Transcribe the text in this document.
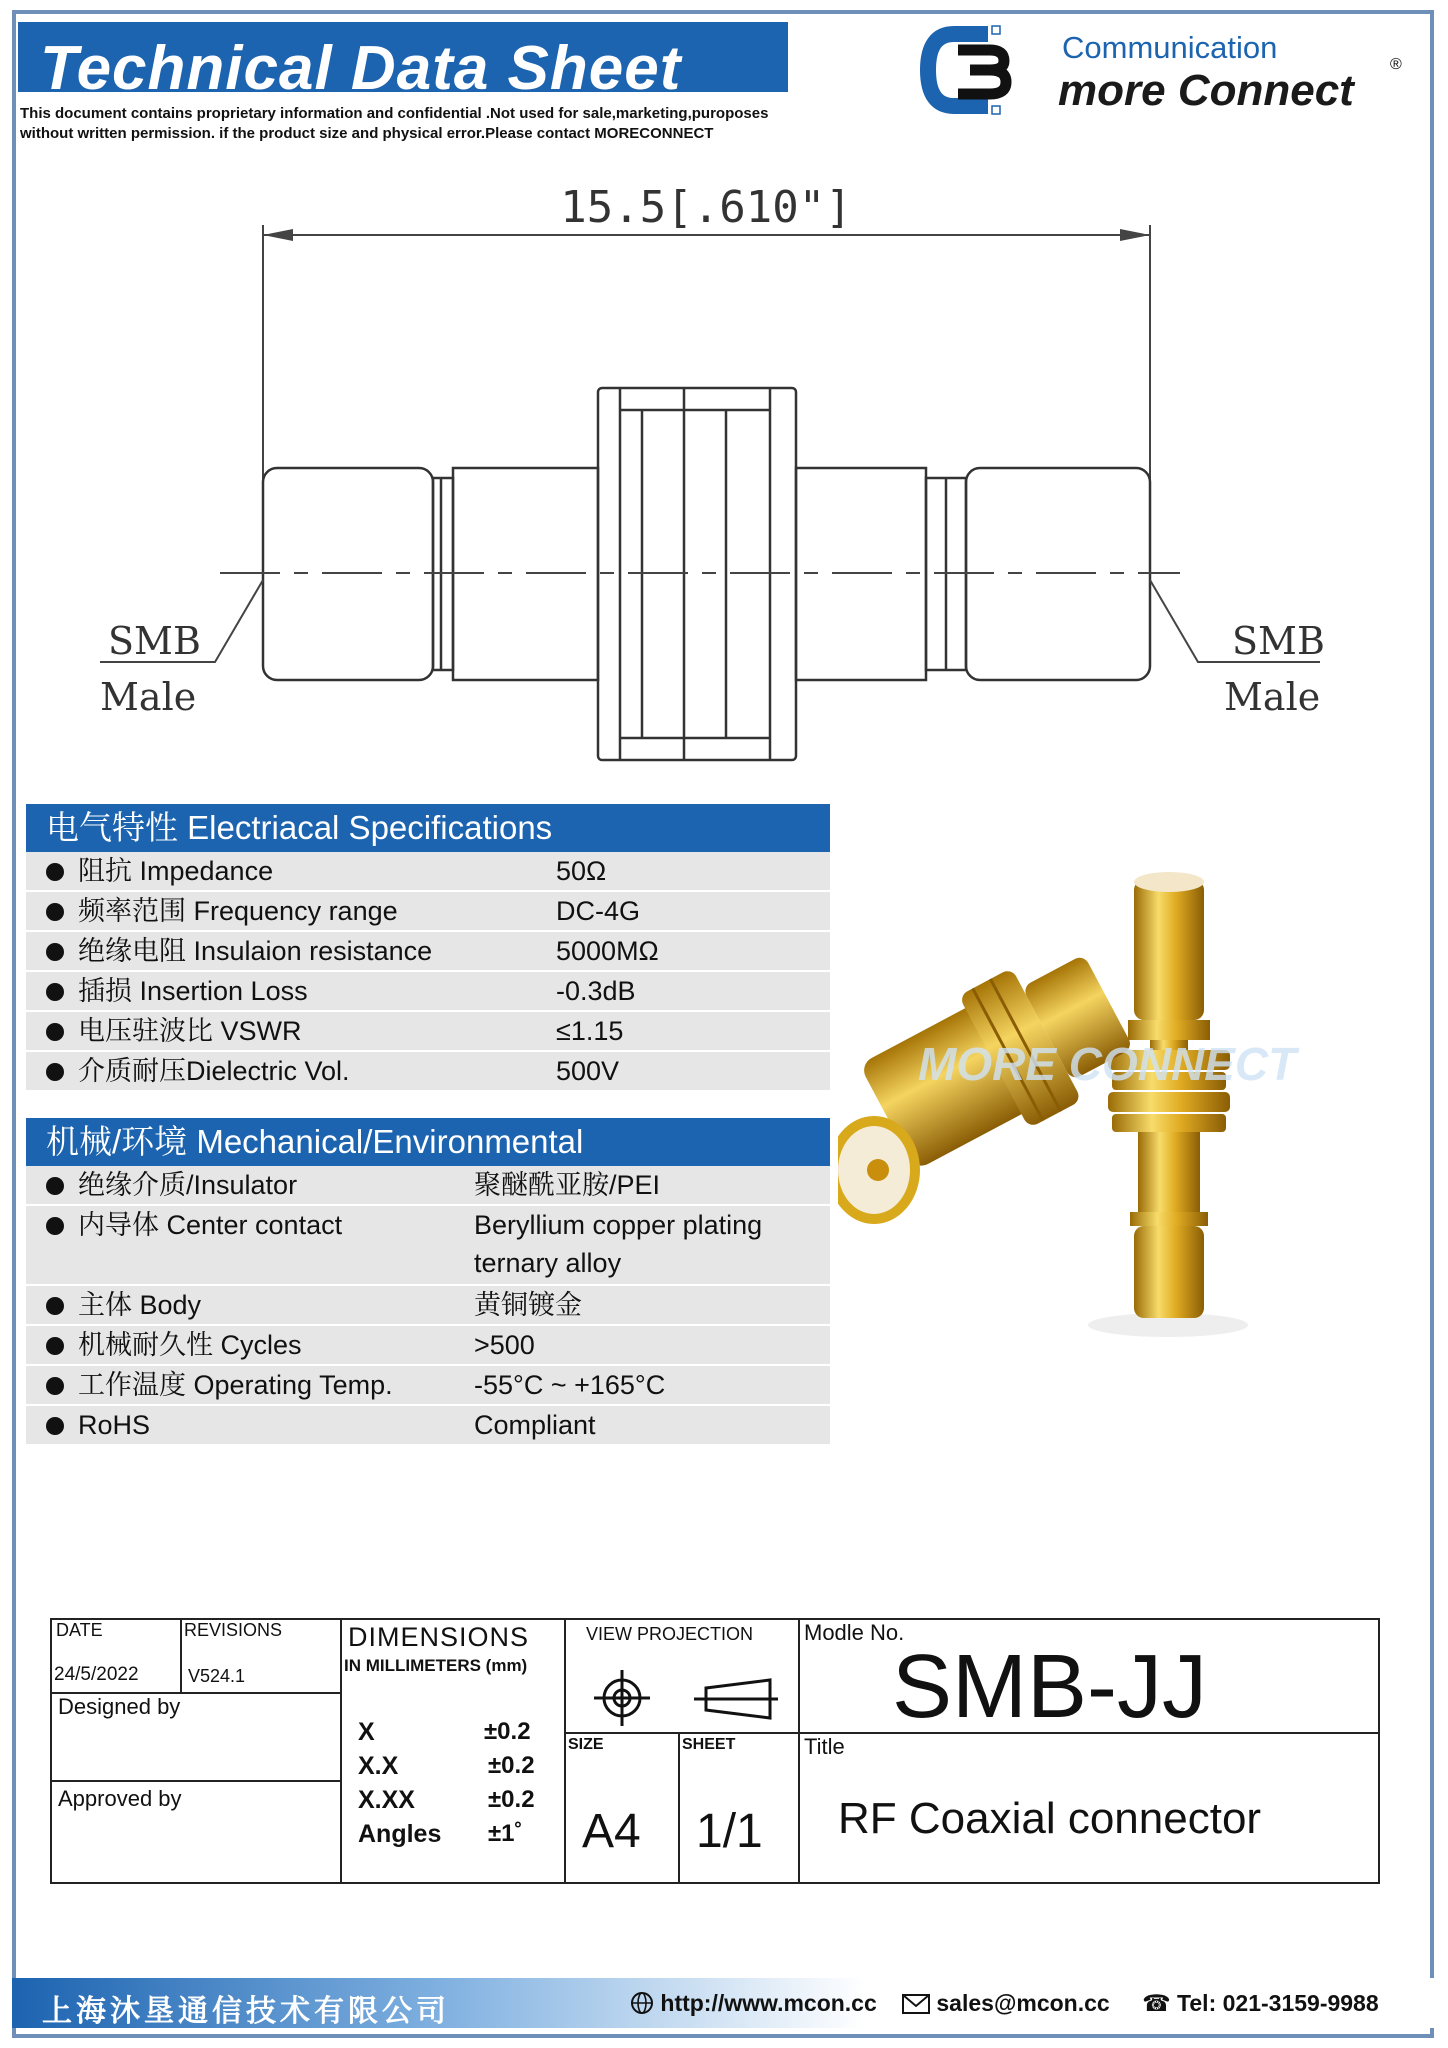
Technical Data Sheet
This document contains proprietary information and confidential .Not used for sale,marketing,puroposes
without written permission. if the product size and physical error.Please contact MORECONNECT
Communication
more Connect
®
15.5[.610"]
SMB
Male
SMB
Male
电气特性 Electriacal Specifications
阻抗 Impedance	50Ω
频率范围 Frequency range	DC-4G
绝缘电阻 Insulaion resistance	5000MΩ
插损 Insertion Loss	-0.3dB
电压驻波比 VSWR	≤1.15
介质耐压Dielectric Vol.	500V
机械/环境 Mechanical/Environmental
绝缘介质/Insulator	聚醚酰亚胺/PEI
内导体 Center contact	Beryllium copper plating
ternary alloy
主体 Body	黄铜镀金
机械耐久性 Cycles	>500
工作温度 Operating Temp.	-55°C ~ +165°C
RoHS	Compliant
MORE CONNECT
DATE
24/5/2022
REVISIONS
V524.1
Designed by
Approved by
DIMENSIONS
IN MILLIMETERS (mm)
X	±0.2
X.X	±0.2
X.XX	±0.2
Angles ±1˚
VIEW PROJECTION
SIZE
A4
SHEET
1/1
Modle No.
SMB-JJ
Title
RF Coaxial connector
上海沐垦通信技术有限公司	http://www.mcon.cc	sales@mcon.cc ☎ Tel: 021-3159-9988
